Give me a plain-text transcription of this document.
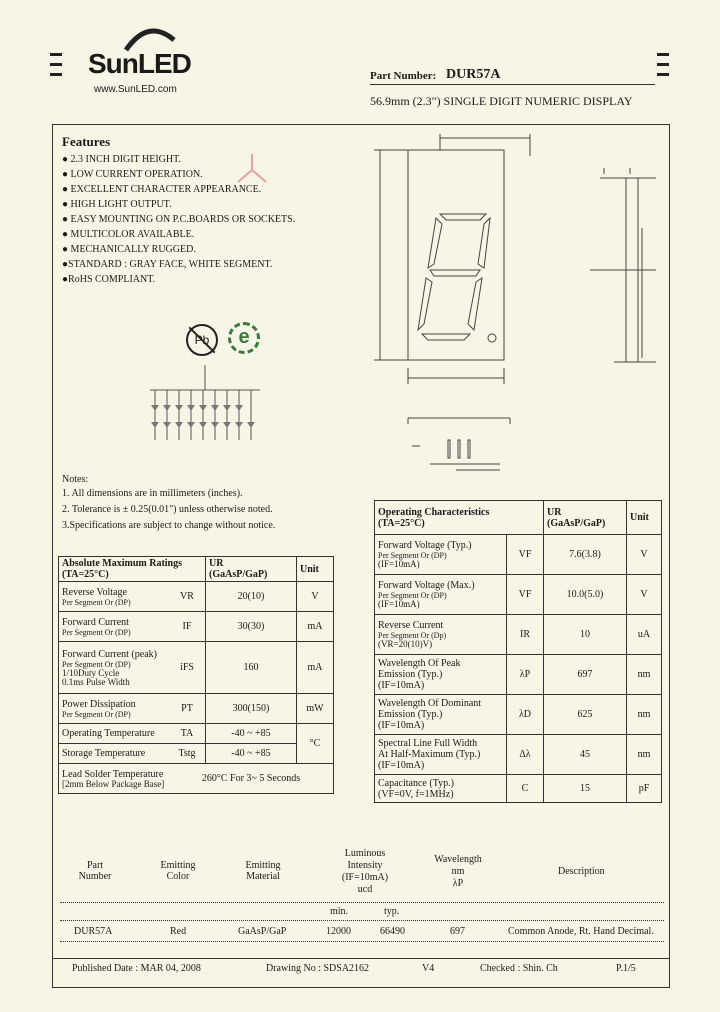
SunLED
www.SunLED.com
Part Number: DUR57A
56.9mm (2.3") SINGLE DIGIT NUMERIC DISPLAY
Features
● 2.3 INCH DIGIT HEIGHT.
● LOW CURRENT OPERATION.
● EXCELLENT CHARACTER APPEARANCE.
● HIGH LIGHT OUTPUT.
● EASY MOUNTING ON P.C.BOARDS OR SOCKETS.
● MULTICOLOR AVAILABLE.
● MECHANICALLY RUGGED.
●STANDARD : GRAY FACE, WHITE SEGMENT.
●RoHS COMPLIANT.
Pb	e
Notes:
1. All dimensions are in millimeters (inches).
2. Tolerance is ± 0.25(0.01") unless otherwise noted.
3.Specifications are subject to change without notice.
Absolute Maximum Ratings
(TA=25°C)		UR
(GaAsP/GaP)	Unit
Reverse Voltage
Per Segment Or (DP)	VR	20(10)	V
Forward Current
Per Segment Or (DP)	IF	30(30)	mA
Forward Current (peak)
Per Segment Or (DP)
1/10Duty Cycle
0.1ms Pulse Width	iFS	160	mA
Power Dissipation
Per Segment Or (DP)	PT	300(150)	mW
Operating Temperature	TA	-40 ~ +85	°C
Storage Temperature	Tstg	-40 ~ +85	
Lead Solder Temperature
[2mm Below Package Base]	260°C For 3~ 5 Seconds		
Operating Characteristics
(TA=25°C)		UR
(GaAsP/GaP)	Unit
Forward Voltage (Typ.)
Per Segment Or (DP)
(IF=10mA)	VF	7.6(3.8)	V
Forward Voltage (Max.)
Per Segment Or (DP)
(IF=10mA)	VF	10.0(5.0)	V
Reverse Current
Per Segment Or (Dp)
(VR=20(10)V)	IR	10	uA
Wavelength Of Peak
Emission (Typ.)
(IF=10mA)	λP	697	nm
Wavelength Of Dominant
Emission (Typ.)
(IF=10mA)	λD	625	nm
Spectral Line Full Width
At Half-Maximum (Typ.)
(IF=10mA)	Δλ	45	nm
Capacitance (Typ.)
(VF=0V, f=1MHz)	C	15	pF
Part
Number
Emitting
Color
Emitting
Material
Luminous
Intensity
(IF=10mA)
ucd
Wavelength
nm
λP
Description
min.	typ.
DUR57A	Red	GaAsP/GaP	12000	66490	697	Common Anode, Rt. Hand Decimal.
Published Date : MAR 04, 2008	Drawing No : SDSA2162	V4	Checked : Shin. Ch	P.1/5
